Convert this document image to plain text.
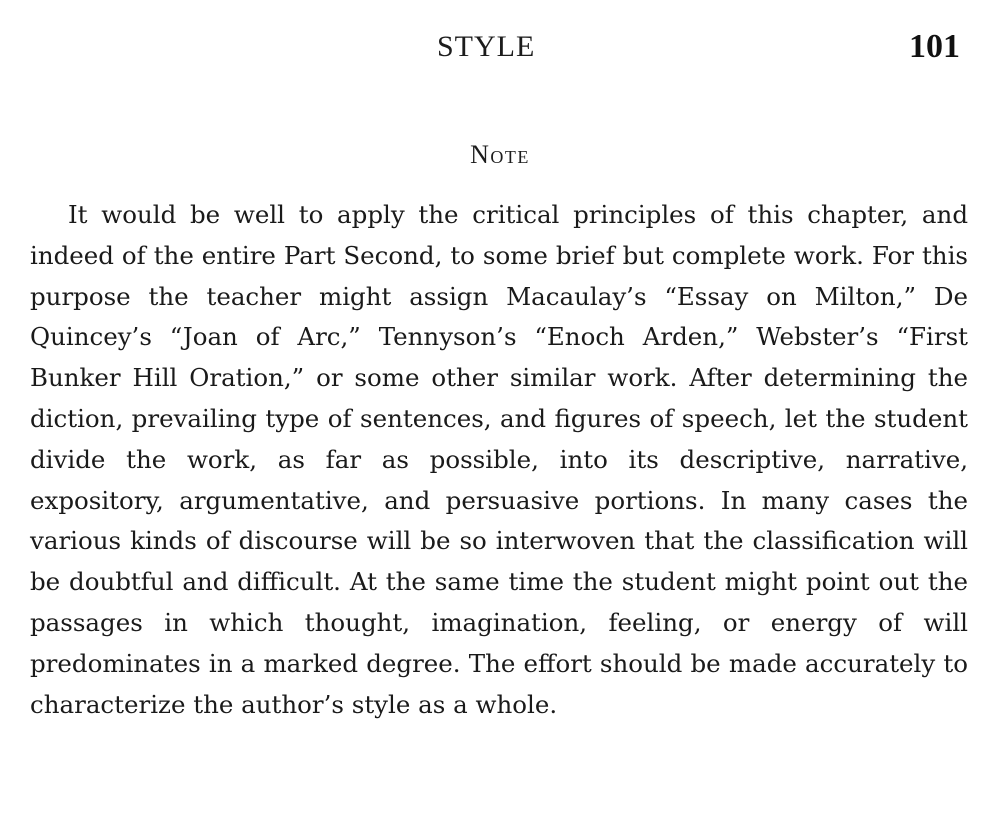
STYLE	101
Note

It would be well to apply the critical principles of this chapter, and indeed of the entire Part Second, to some brief but complete work. For this purpose the teacher might assign Macaulay’s “Essay on Milton,” De Quincey’s “Joan of Arc,” Tennyson’s “Enoch Arden,” Webster’s “First Bunker Hill Oration,” or some other similar work. After determining the diction, prevailing type of sentences, and figures of speech, let the student divide the work, as far as possible, into its descriptive, narrative, expository, argumentative, and persuasive portions. In many cases the various kinds of discourse will be so interwoven that the classification will be doubtful and difficult. At the same time the student might point out the passages in which thought, imagination, feeling, or energy of will predominates in a marked degree. The effort should be made accurately to characterize the author’s style as a whole.
